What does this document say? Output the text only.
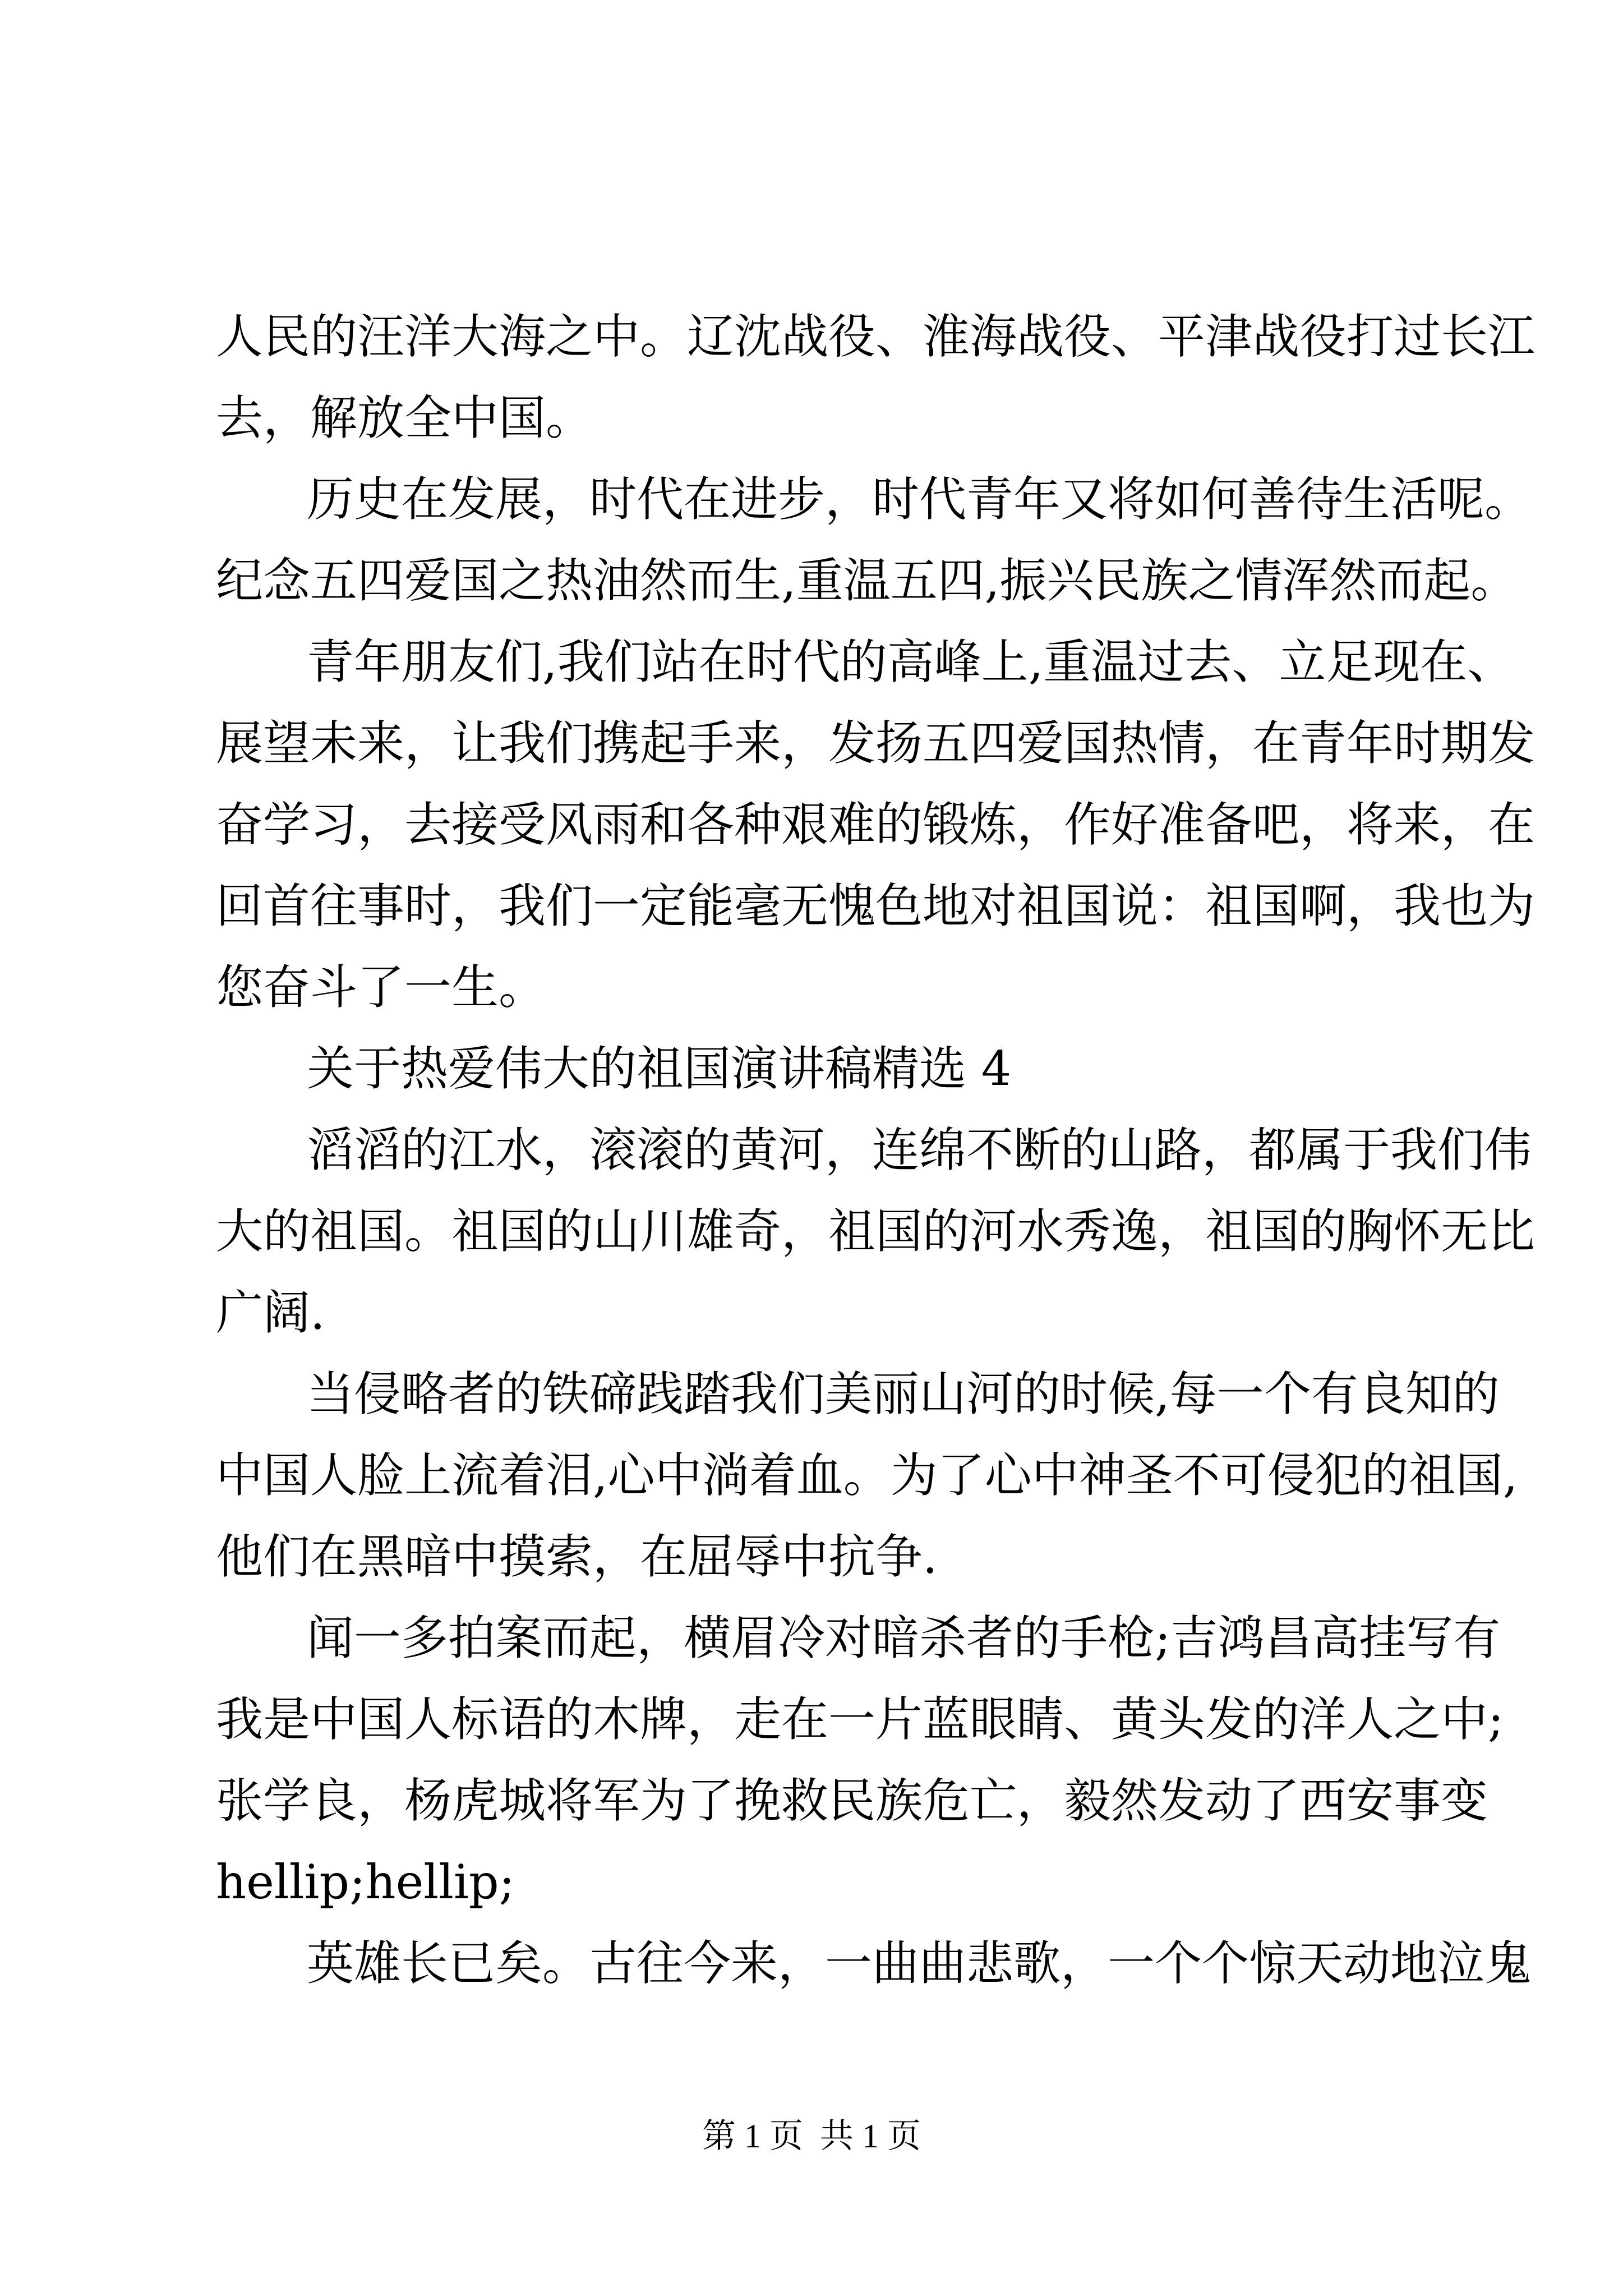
人民的汪洋大海之中。辽沈战役、淮海战役、平津战役打过长江
去，解放全中国。
历史在发展，时代在进步，时代青年又将如何善待生活呢。
纪念五四爱国之热油然而生,重温五四,振兴民族之情浑然而起。
青年朋友们,我们站在时代的高峰上,重温过去、立足现在、
展望未来，让我们携起手来，发扬五四爱国热情，在青年时期发
奋学习，去接受风雨和各种艰难的锻炼，作好准备吧，将来，在
回首往事时，我们一定能毫无愧色地对祖国说：祖国啊，我也为
您奋斗了一生。
关于热爱伟大的祖国演讲稿精选 4
滔滔的江水，滚滚的黄河，连绵不断的山路，都属于我们伟
大的祖国。祖国的山川雄奇，祖国的河水秀逸，祖国的胸怀无比
广阔.
当侵略者的铁碲践踏我们美丽山河的时候,每一个有良知的
中国人脸上流着泪,心中淌着血。为了心中神圣不可侵犯的祖国,
他们在黑暗中摸索，在屈辱中抗争.
闻一多拍案而起，横眉冷对暗杀者的手枪;吉鸿昌高挂写有
我是中国人标语的木牌，走在一片蓝眼睛、黄头发的洋人之中;
张学良，杨虎城将军为了挽救民族危亡，毅然发动了西安事变
hellip;hellip;
英雄长已矣。古往今来，一曲曲悲歌，一个个惊天动地泣鬼
第 1 页  共 1 页
